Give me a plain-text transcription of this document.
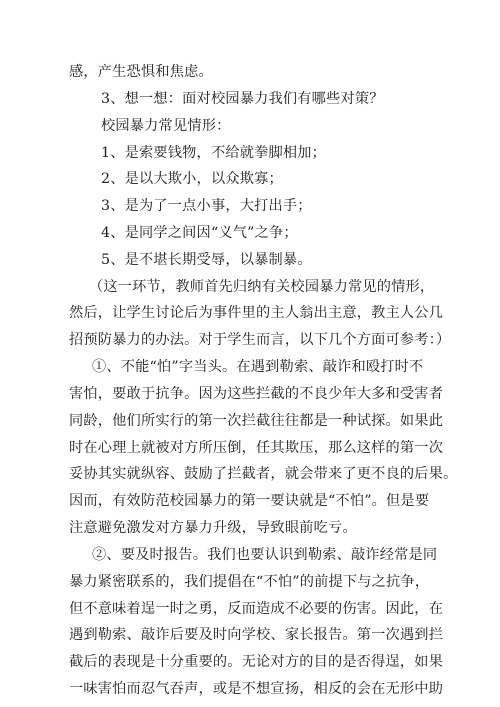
感，产生恐惧和焦虑。
3、想一想：面对校园暴力我们有哪些对策？
校园暴力常见情形：
1、是索要钱物，不给就拳脚相加；
2、是以大欺小，以众欺寡；
3、是为了一点小事，大打出手；
4、是同学之间因“义气”之争；
5、是不堪长期受辱，以暴制暴。
（这一环节，教师首先归纳有关校园暴力常见的情形，
然后，让学生讨论后为事件里的主人翁出主意，教主人公几
招预防暴力的办法。对于学生而言，以下几个方面可参考：）
①、不能“怕”字当头。在遇到勒索、敲诈和殴打时不
害怕，要敢于抗争。因为这些拦截的不良少年大多和受害者
同龄，他们所实行的第一次拦截往往都是一种试探。如果此
时在心理上就被对方所压倒，任其欺压，那么这样的第一次
妥协其实就纵容、鼓励了拦截者，就会带来了更不良的后果。
因而，有效防范校园暴力的第一要诀就是“不怕”。但是要
注意避免激发对方暴力升级，导致眼前吃亏。
②、要及时报告。我们也要认识到勒索、敲诈经常是同
暴力紧密联系的，我们提倡在“不怕”的前提下与之抗争，
但不意味着逞一时之勇，反而造成不必要的伤害。因此，在
遇到勒索、敲诈后要及时向学校、家长报告。第一次遇到拦
截后的表现是十分重要的。无论对方的目的是否得逞，如果
一味害怕而忍气吞声，或是不想宣扬，相反的会在无形中助
